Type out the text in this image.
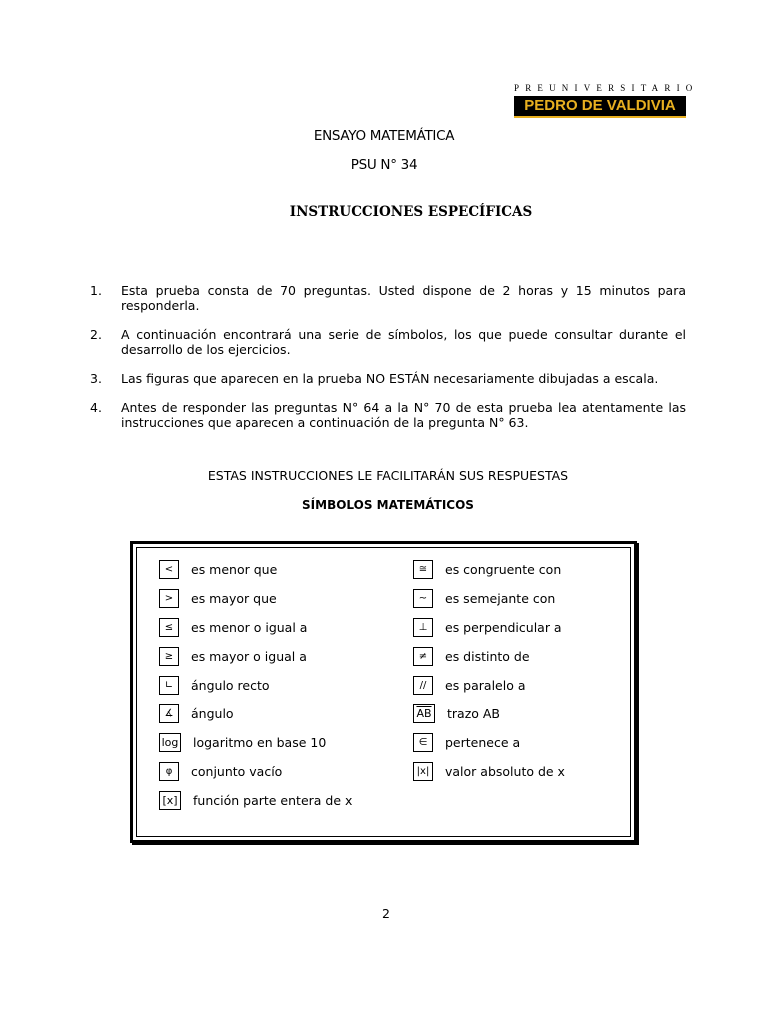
PREUNIVERSITARIO
PEDRO DE VALDIVIA
ENSAYO MATEMÁTICA
PSU N° 34
INSTRUCCIONES ESPECÍFICAS
1. Esta prueba consta de 70 preguntas. Usted dispone de 2 horas y 15 minutos para responderla.
2. A continuación encontrará una serie de símbolos, los que puede consultar durante el desarrollo de los ejercicios.
3. Las figuras que aparecen en la prueba NO ESTÁN necesariamente dibujadas a escala.
4. Antes de responder las preguntas N° 64 a la N° 70 de esta prueba lea atentamente las instrucciones que aparecen a continuación de la pregunta N° 63.
ESTAS INSTRUCCIONES LE FACILITARÁN SUS RESPUESTAS
SÍMBOLOS MATEMÁTICOS
<	es menor que
>	es mayor que
≤	es menor o igual a
≥	es mayor o igual a
∟	ángulo recto
∡	ángulo
log logaritmo en base 10
φ	conjunto vacío
[x] función parte entera de x
≅	es congruente con
~	es semejante con
⊥	es perpendicular a
≠	es distinto de
//	es paralelo a
$\overline{AB}$ trazo AB
∈	pertenece a
|x| valor absoluto de x
2
